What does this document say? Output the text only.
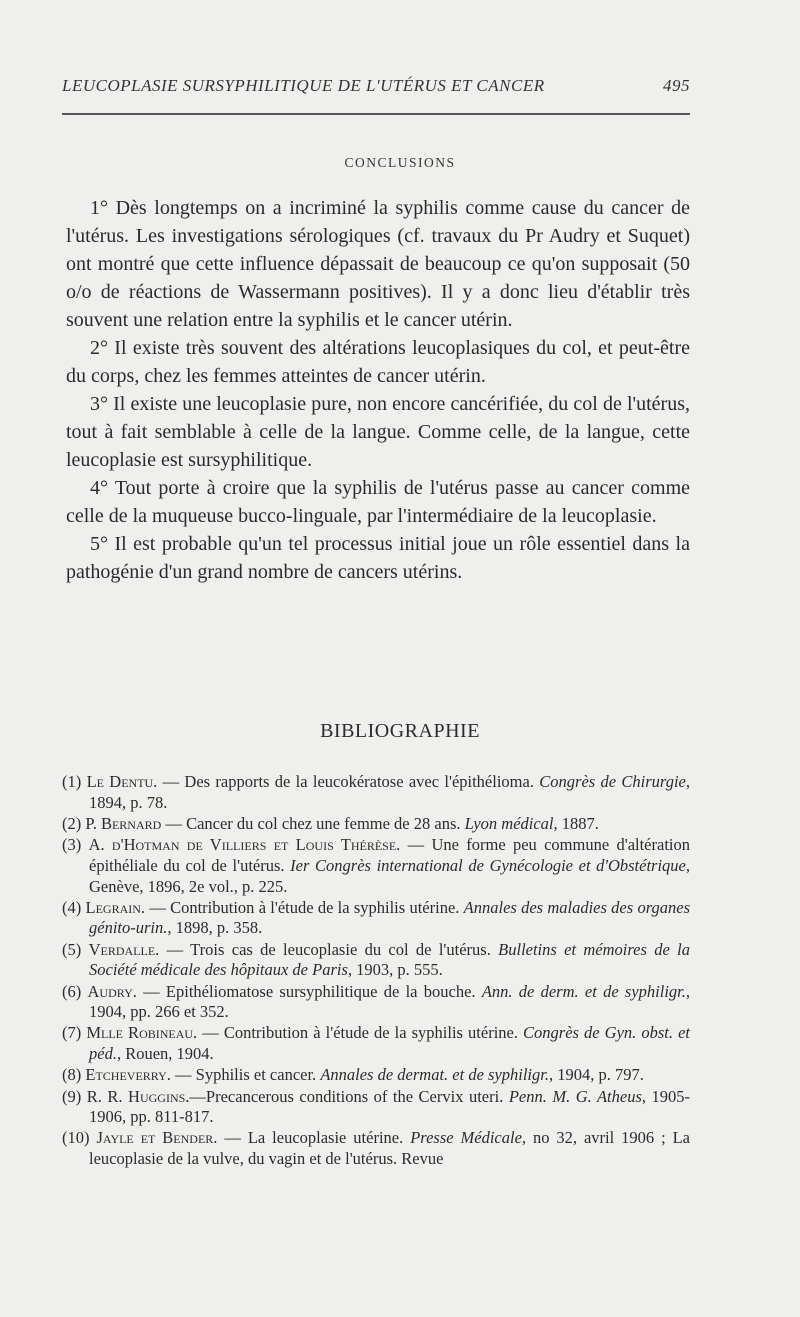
LEUCOPLASIE SURSYPHILITIQUE DE L'UTÉRUS ET CANCER	495
CONCLUSIONS

1° Dès longtemps on a incriminé la syphilis comme cause du cancer de l'utérus. Les investigations sérologiques (cf. travaux du Pr Audry et Suquet) ont montré que cette influence dépassait de beaucoup ce qu'on supposait (50 o/o de réactions de Wassermann positives). Il y a donc lieu d'établir très souvent une relation entre la syphilis et le cancer utérin.

2° Il existe très souvent des altérations leucoplasiques du col, et peut-être du corps, chez les femmes atteintes de cancer utérin.

3° Il existe une leucoplasie pure, non encore cancérifiée, du col de l'utérus, tout à fait semblable à celle de la langue. Comme celle, de la langue, cette leucoplasie est sursyphilitique.

4° Tout porte à croire que la syphilis de l'utérus passe au cancer comme celle de la muqueuse bucco-linguale, par l'intermédiaire de la leucoplasie.

5° Il est probable qu'un tel processus initial joue un rôle essentiel dans la pathogénie d'un grand nombre de cancers utérins.

BIBLIOGRAPHIE

(1) Le Dentu. — Des rapports de la leucokératose avec l'épithélioma. Congrès de Chirurgie, 1894, p. 78.

(2) P. Bernard — Cancer du col chez une femme de 28 ans. Lyon médical, 1887.

(3) A. d'Hotman de Villiers et Louis Thérèse. — Une forme peu commune d'altération épithéliale du col de l'utérus. Ier Congrès international de Gynécologie et d'Obstétrique, Genève, 1896, 2e vol., p. 225.

(4) Legrain. — Contribution à l'étude de la syphilis utérine. Annales des maladies des organes génito-urin., 1898, p. 358.

(5) Verdalle. — Trois cas de leucoplasie du col de l'utérus. Bulletins et mémoires de la Société médicale des hôpitaux de Paris, 1903, p. 555.

(6) Audry. — Epithéliomatose sursyphilitique de la bouche. Ann. de derm. et de syphiligr., 1904, pp. 266 et 352.

(7) Mlle Robineau. — Contribution à l'étude de la syphilis utérine. Congrès de Gyn. obst. et péd., Rouen, 1904.

(8) Etcheverry. — Syphilis et cancer. Annales de dermat. et de syphiligr., 1904, p. 797.

(9) R. R. Huggins.—Precancerous conditions of the Cervix uteri. Penn. M. G. Atheus, 1905-1906, pp. 811-817.

(10) Jayle et Bender. — La leucoplasie utérine. Presse Médicale, no 32, avril 1906 ; La leucoplasie de la vulve, du vagin et de l'utérus. Revue
